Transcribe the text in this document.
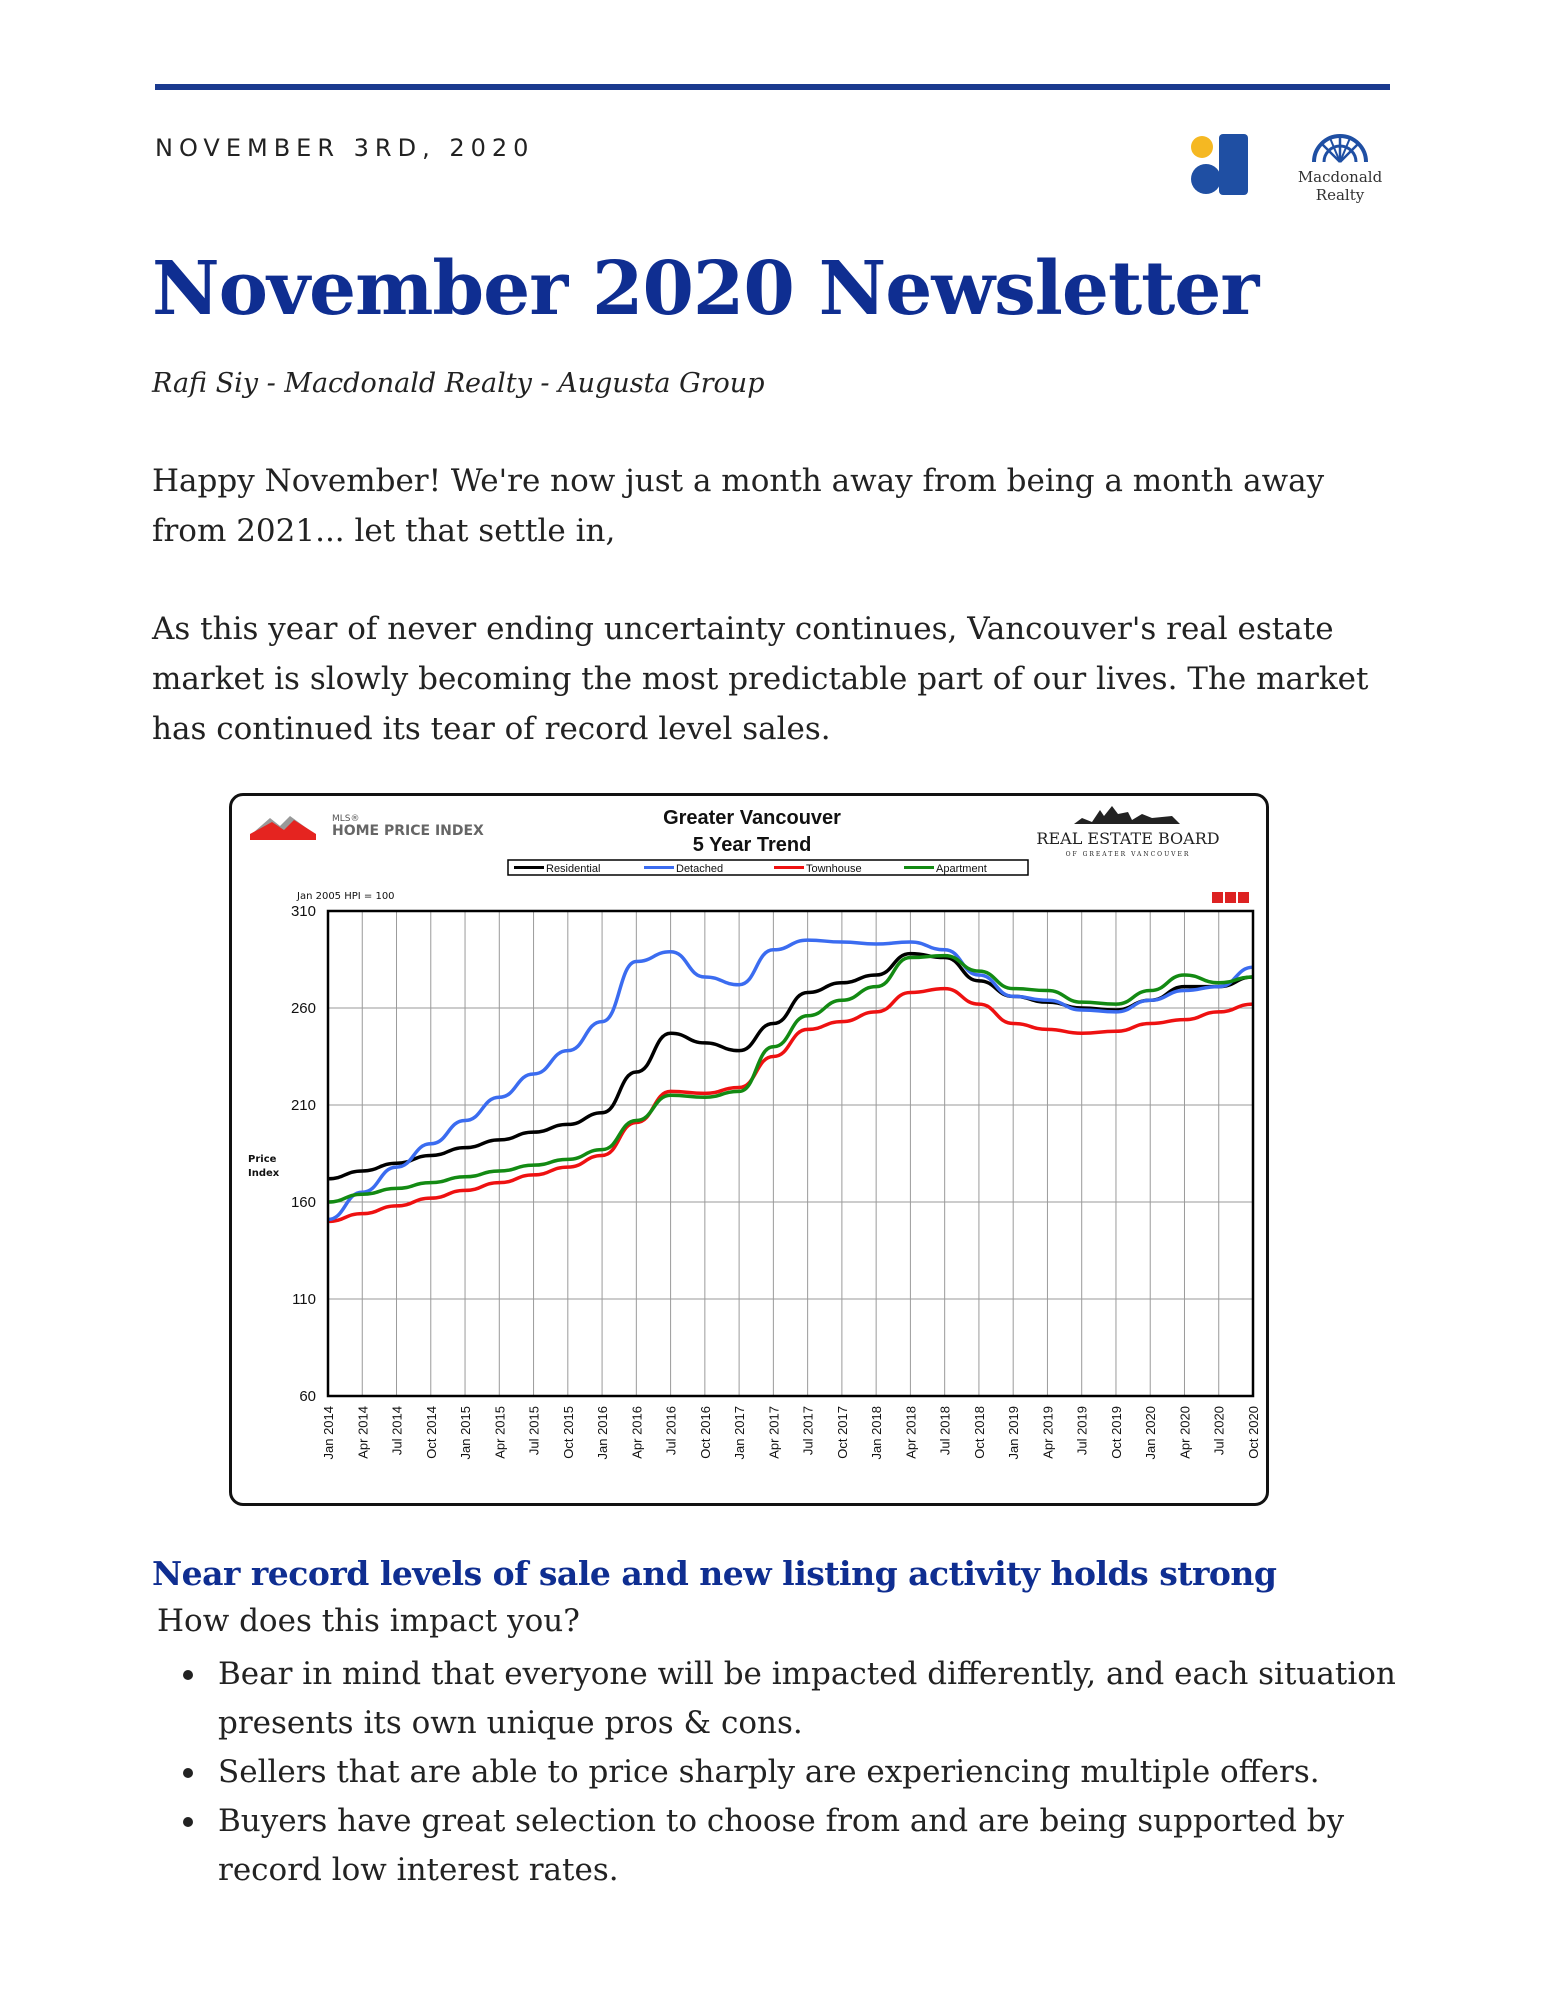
NOVEMBER 3RD, 2020
Macdonald
Realty
November 2020 Newsletter
Rafi Siy - Macdonald Realty - Augusta Group

Happy November! We're now just a month away from being a month away from 2021... let that settle in,

As this year of never ending uncertainty continues, Vancouver's real estate market is slowly becoming the most predictable part of our lives. The market has continued its tear of record level sales.

MLS®
HOME PRICE INDEX
Greater Vancouver
5 Year Trend	REAL ESTATE BOARD
OF GREATER VANCOUVER
Residential	Detached	Townhouse	Apartment
Jan 2005 HPI = 100
Price
Index
60
110
160
210
260
310
Jan 2014 Apr 2014 Jul 2014 Oct 2014 Jan 2015 Apr 2015 Jul 2015 Oct 2015 Jan 2016 Apr 2016 Jul 2016 Oct 2016 Jan 2017 Apr 2017 Jul 2017 Oct 2017 Jan 2018 Apr 2018 Jul 2018 Oct 2018 Jan 2019 Apr 2019 Jul 2019 Oct 2019 Jan 2020 Apr 2020 Jul 2020 Oct 2020
Near record levels of sale and new listing activity holds strong
How does this impact you?
Bear in mind that everyone will be impacted differently, and each situation presents its own unique pros & cons.
Sellers that are able to price sharply are experiencing multiple offers.
Buyers have great selection to choose from and are being supported by record low interest rates.
